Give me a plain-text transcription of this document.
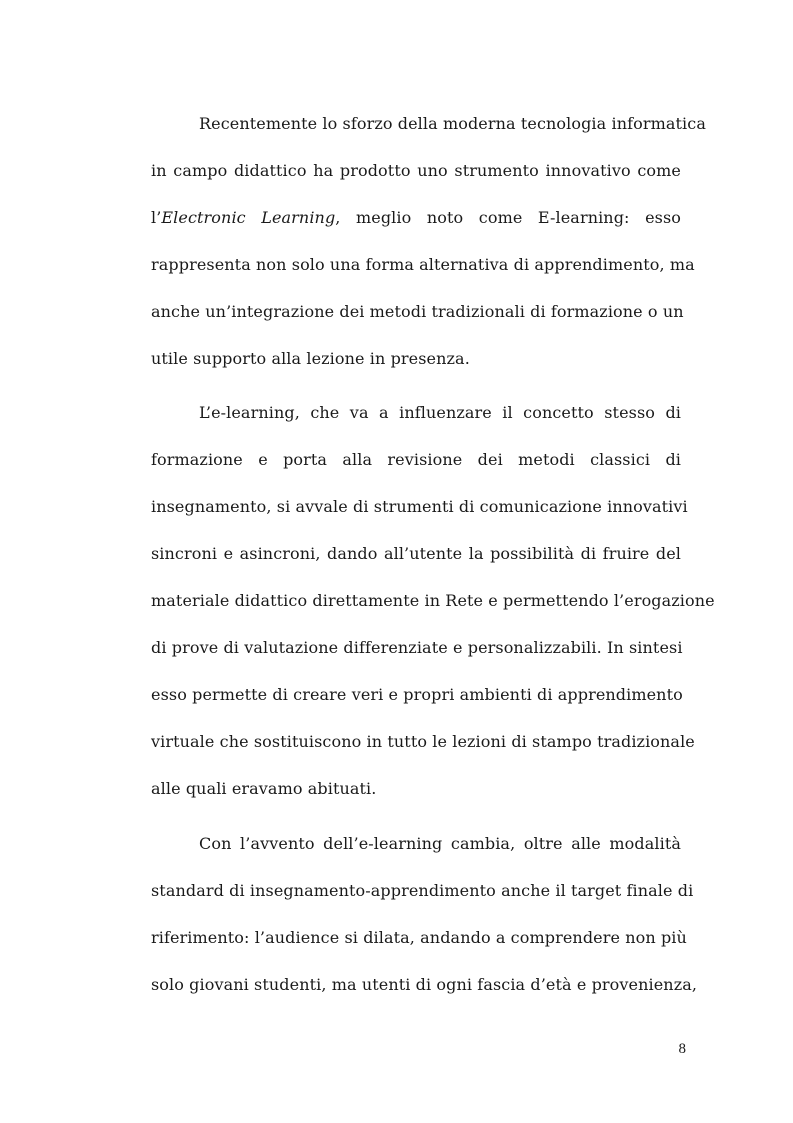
Recentemente lo sforzo della moderna tecnologia informatica
in campo didattico ha prodotto uno strumento innovativo come
l’Electronic Learning, meglio noto come E-learning: esso
rappresenta non solo una forma alternativa di apprendimento, ma
anche un’integrazione dei metodi tradizionali di formazione o un
utile supporto alla lezione in presenza.
L’e-learning, che va a influenzare il concetto stesso di
formazione e porta alla revisione dei metodi classici di
insegnamento, si avvale di strumenti di comunicazione innovativi
sincroni e asincroni, dando all’utente la possibilità di fruire del
materiale didattico direttamente in Rete e permettendo l’erogazione
di prove di valutazione differenziate e personalizzabili. In sintesi
esso permette di creare veri e propri ambienti di apprendimento
virtuale che sostituiscono in tutto le lezioni di stampo tradizionale
alle quali eravamo abituati.
Con l’avvento dell’e-learning cambia, oltre alle modalità
standard di insegnamento-apprendimento anche il target finale di
riferimento: l’audience si dilata, andando a comprendere non più
solo giovani studenti, ma utenti di ogni fascia d’età e provenienza,
8
